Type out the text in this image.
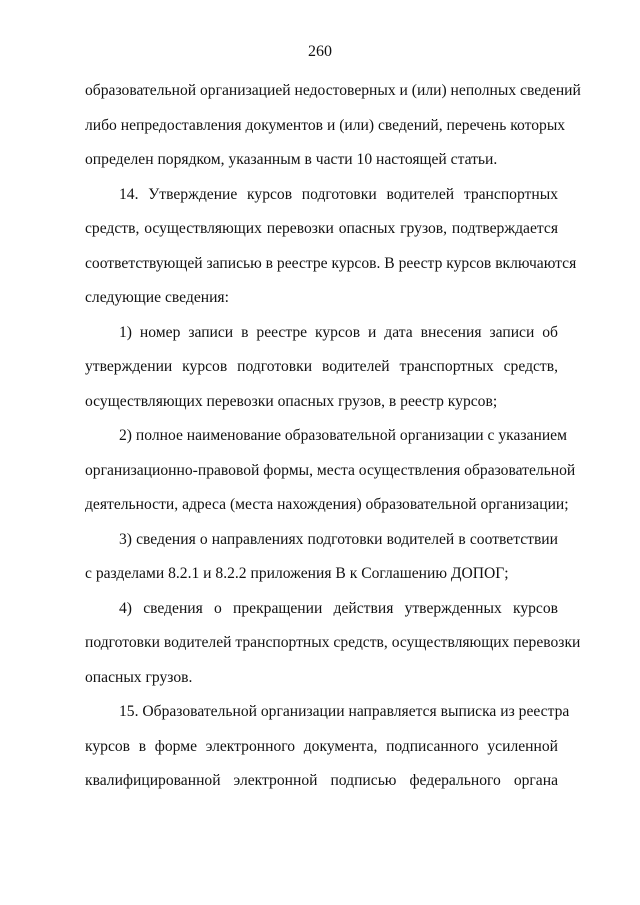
260
образовательной организацией недостоверных и (или) неполных сведений
либо непредоставления документов и (или) сведений, перечень которых
определен порядком, указанным в части 10 настоящей статьи.
14. Утверждение курсов подготовки водителей транспортных
средств, осуществляющих перевозки опасных грузов, подтверждается
соответствующей записью в реестре курсов. В реестр курсов включаются
следующие сведения:
1) номер записи в реестре курсов и дата внесения записи об
утверждении курсов подготовки водителей транспортных средств,
осуществляющих перевозки опасных грузов, в реестр курсов;
2) полное наименование образовательной организации с указанием
организационно-правовой формы, места осуществления образовательной
деятельности, адреса (места нахождения) образовательной организации;
3) сведения о направлениях подготовки водителей в соответствии
с разделами 8.2.1 и 8.2.2 приложения В к Соглашению ДОПОГ;
4) сведения о прекращении действия утвержденных курсов
подготовки водителей транспортных средств, осуществляющих перевозки
опасных грузов.
15. Образовательной организации направляется выписка из реестра
курсов в форме электронного документа, подписанного усиленной
квалифицированной электронной подписью федерального органа
